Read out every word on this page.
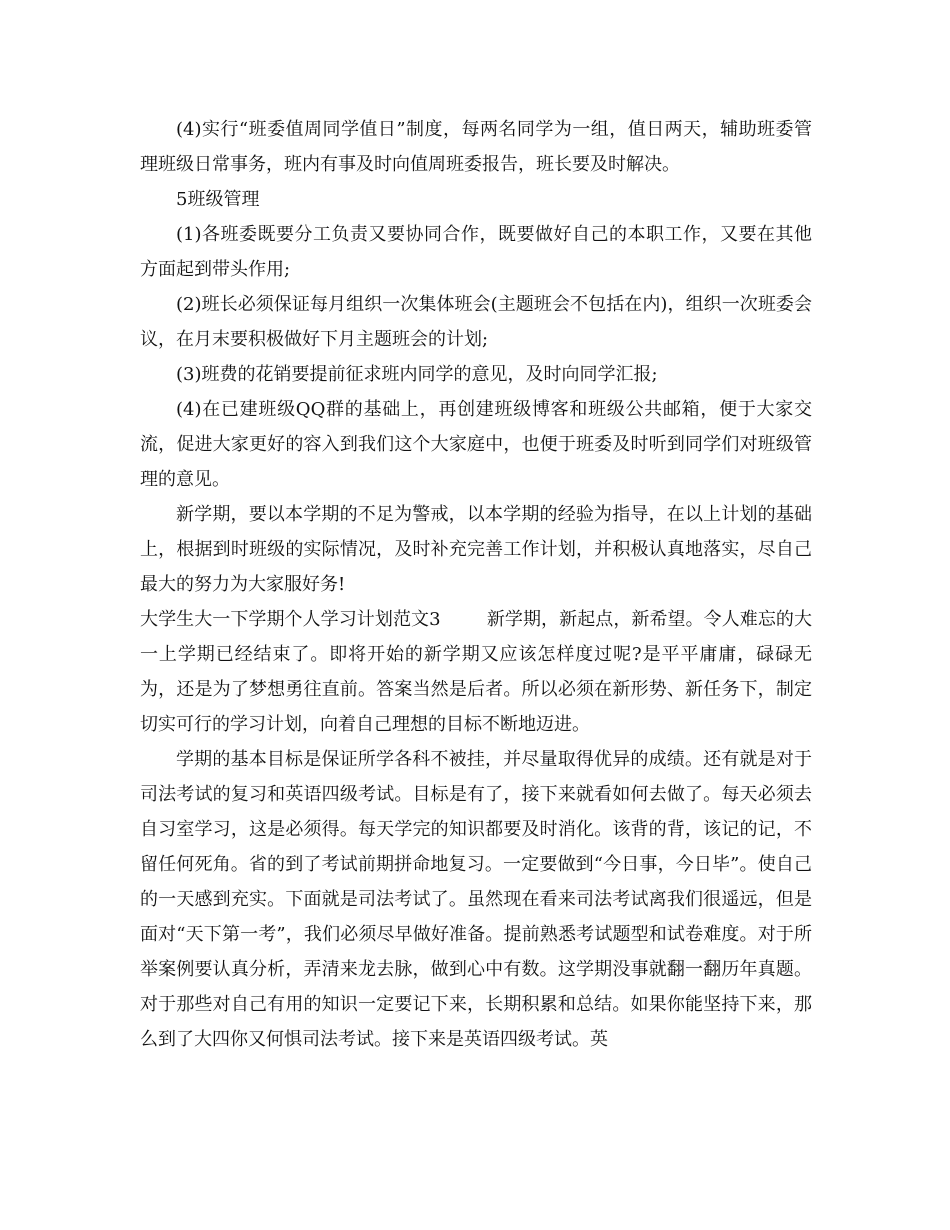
(4)实行“班委值周同学值日”制度，每两名同学为一组，值日两天，辅助班委管理班级日常事务，班内有事及时向值周班委报告，班长要及时解决。

5班级管理

(1)各班委既要分工负责又要协同合作，既要做好自己的本职工作，又要在其他方面起到带头作用;

(2)班长必须保证每月组织一次集体班会(主题班会不包括在内)，组织一次班委会议，在月末要积极做好下月主题班会的计划;

(3)班费的花销要提前征求班内同学的意见，及时向同学汇报;

(4)在已建班级QQ群的基础上，再创建班级博客和班级公共邮箱，便于大家交流，促进大家更好的容入到我们这个大家庭中，也便于班委及时听到同学们对班级管理的意见。

新学期，要以本学期的不足为警戒，以本学期的经验为指导，在以上计划的基础上，根据到时班级的实际情况，及时补充完善工作计划，并积极认真地落实，尽自己最大的努力为大家服好务!

大学生大一下学期个人学习计划范文3	新学期，新起点，新希望。令人难忘的大一上学期已经结束了。即将开始的新学期又应该怎样度过呢?是平平庸庸，碌碌无为，还是为了梦想勇往直前。答案当然是后者。所以必须在新形势、新任务下，制定切实可行的学习计划，向着自己理想的目标不断地迈进。

学期的基本目标是保证所学各科不被挂，并尽量取得优异的成绩。还有就是对于司法考试的复习和英语四级考试。目标是有了，接下来就看如何去做了。每天必须去自习室学习，这是必须得。每天学完的知识都要及时消化。该背的背，该记的记，不留任何死角。省的到了考试前期拼命地复习。一定要做到“今日事，今日毕”。使自己的一天感到充实。下面就是司法考试了。虽然现在看来司法考试离我们很遥远，但是面对“天下第一考”，我们必须尽早做好准备。提前熟悉考试题型和试卷难度。对于所举案例要认真分析，弄清来龙去脉，做到心中有数。这学期没事就翻一翻历年真题。对于那些对自己有用的知识一定要记下来，长期积累和总结。如果你能坚持下来，那么到了大四你又何惧司法考试。接下来是英语四级考试。英
